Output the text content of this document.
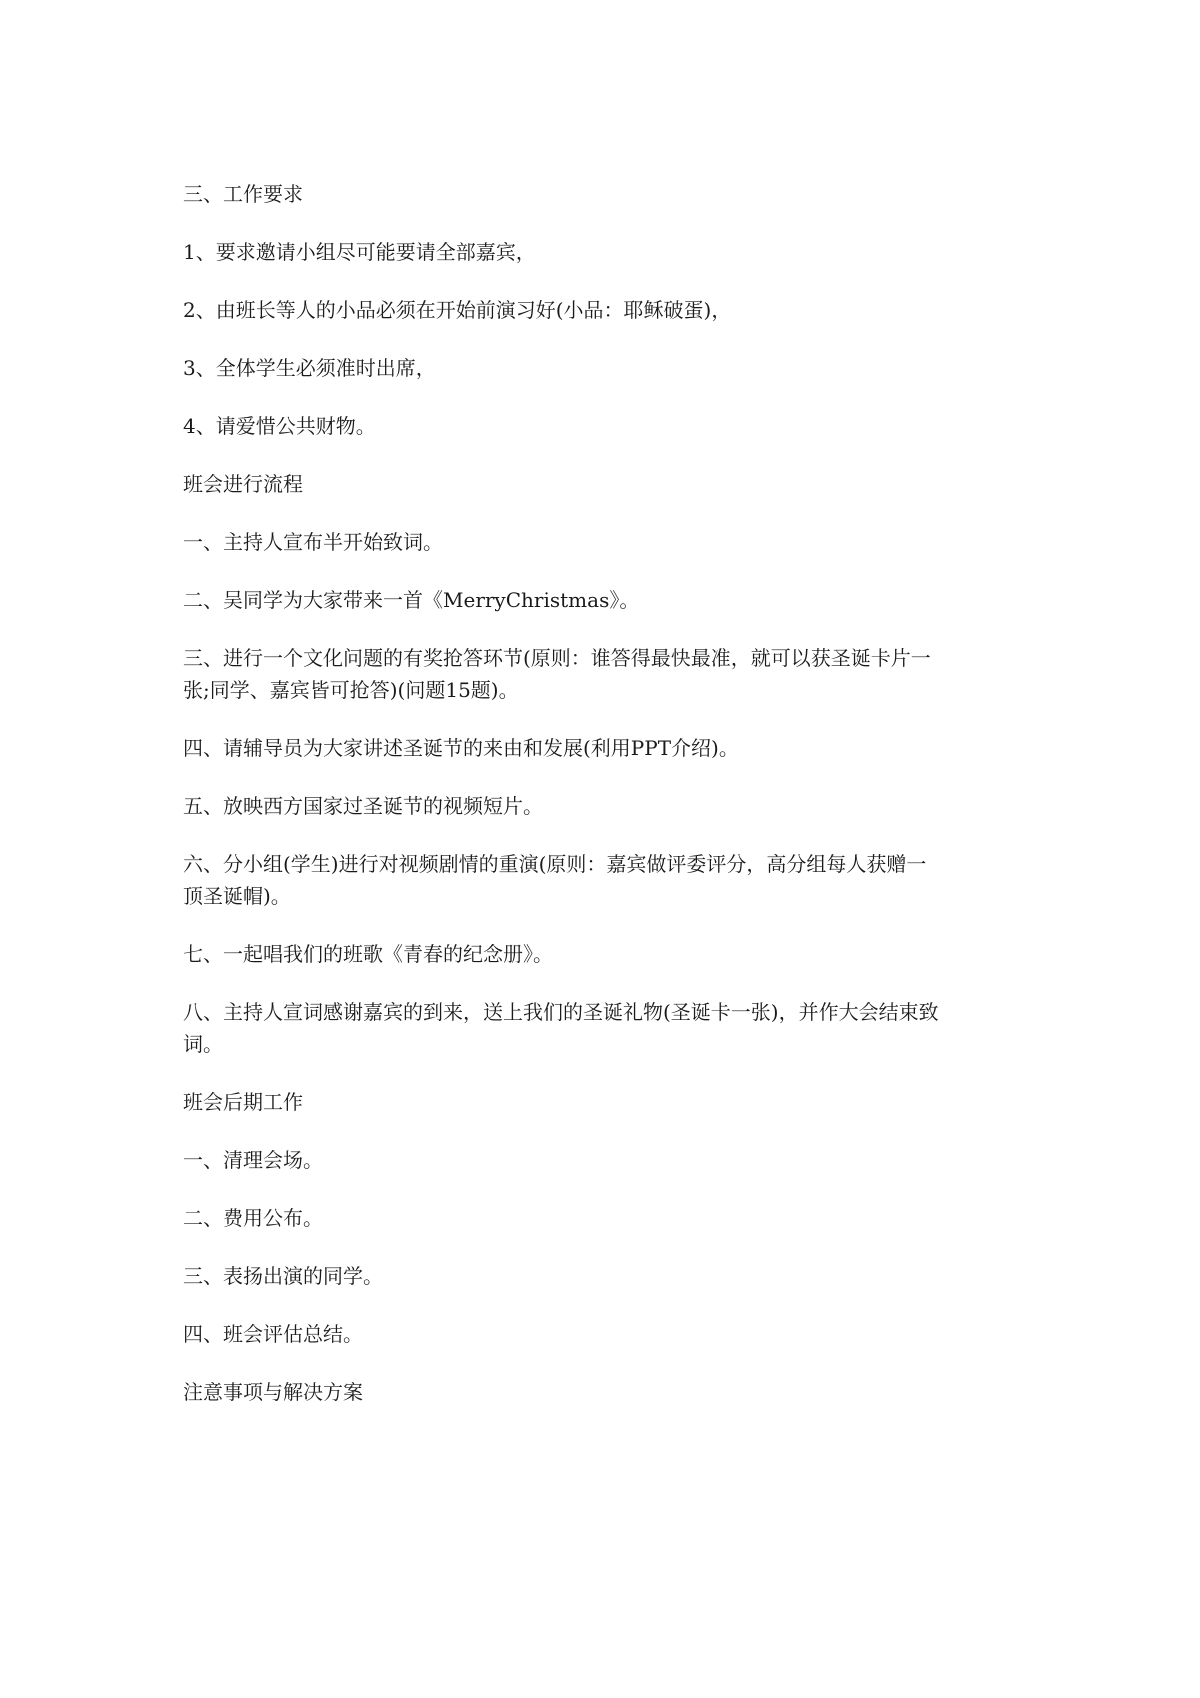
三、工作要求

1、要求邀请小组尽可能要请全部嘉宾，

2、由班长等人的小品必须在开始前演习好(小品：耶稣破蛋)，

3、全体学生必须准时出席，

4、请爱惜公共财物。

班会进行流程

一、主持人宣布半开始致词。

二、吴同学为大家带来一首《MerryChristmas》。

三、进行一个文化问题的有奖抢答环节(原则：谁答得最快最准，就可以获圣诞卡片一

张;同学、嘉宾皆可抢答)(问题15题)。

四、请辅导员为大家讲述圣诞节的来由和发展(利用PPT介绍)。

五、放映西方国家过圣诞节的视频短片。

六、分小组(学生)进行对视频剧情的重演(原则：嘉宾做评委评分，高分组每人获赠一

顶圣诞帽)。

七、一起唱我们的班歌《青春的纪念册》。

八、主持人宣词感谢嘉宾的到来，送上我们的圣诞礼物(圣诞卡一张)，并作大会结束致

词。

班会后期工作

一、清理会场。

二、费用公布。

三、表扬出演的同学。

四、班会评估总结。

注意事项与解决方案
